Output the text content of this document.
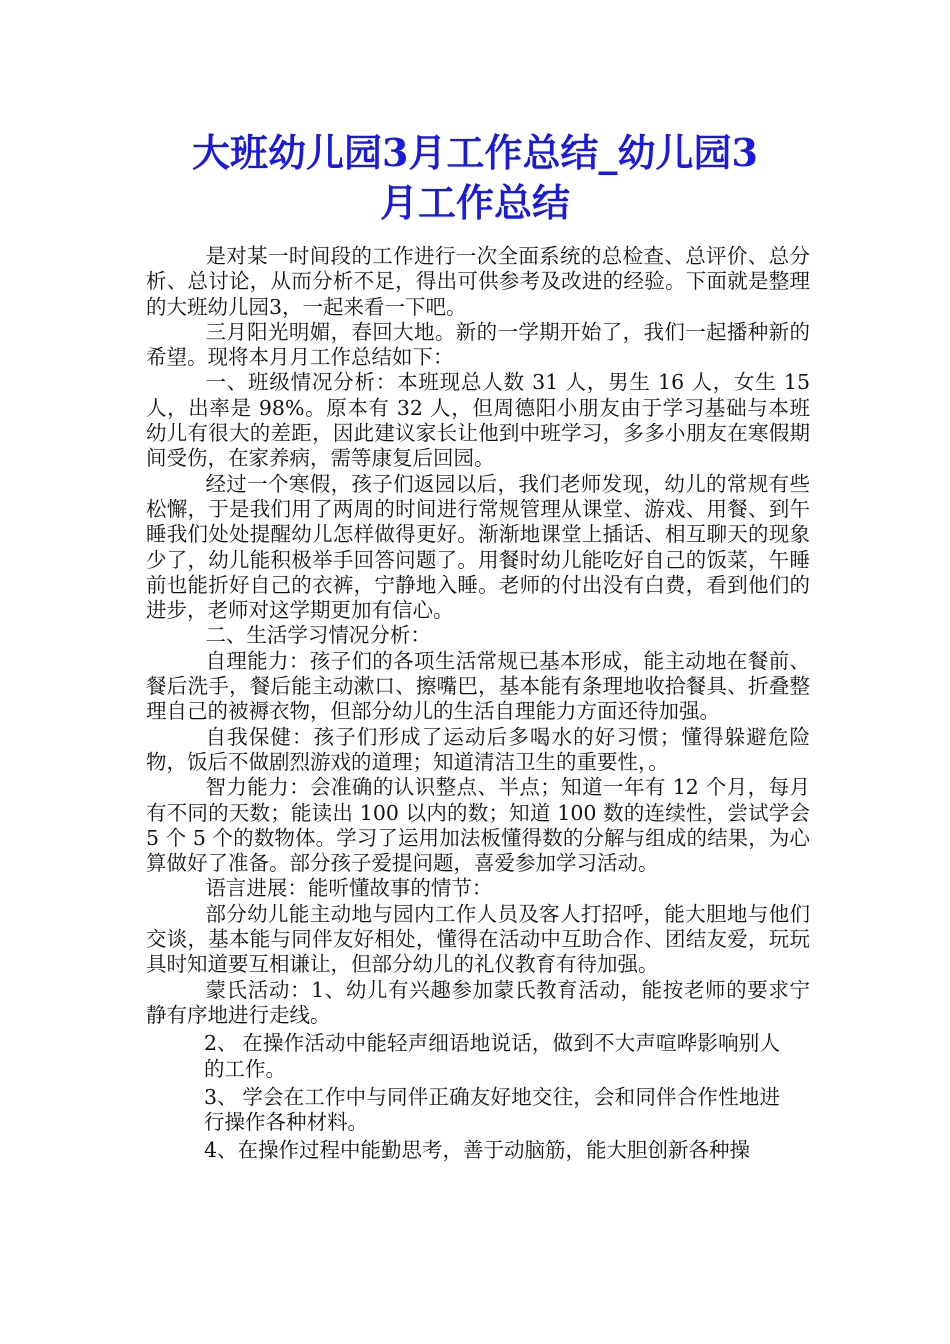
大班幼儿园3月工作总结_幼儿园3
月工作总结

是对某一时间段的工作进行一次全面系统的总检查、总评价、总分析、总讨论，从而分析不足，得出可供参考及改进的经验。下面就是整理的大班幼儿园3，一起来看一下吧。

三月阳光明媚，春回大地。新的一学期开始了，我们一起播种新的希望。现将本月月工作总结如下：

一、班级情况分析：本班现总人数 31 人，男生 16 人，女生 15 人，出率是 98%。原本有 32 人，但周德阳小朋友由于学习基础与本班幼儿有很大的差距，因此建议家长让他到中班学习，多多小朋友在寒假期间受伤，在家养病，需等康复后回园。

经过一个寒假，孩子们返园以后，我们老师发现，幼儿的常规有些松懈，于是我们用了两周的时间进行常规管理从课堂、游戏、用餐、到午睡我们处处提醒幼儿怎样做得更好。渐渐地课堂上插话、相互聊天的现象少了，幼儿能积极举手回答问题了。用餐时幼儿能吃好自己的饭菜，午睡前也能折好自己的衣裤，宁静地入睡。老师的付出没有白费，看到他们的进步，老师对这学期更加有信心。

二、生活学习情况分析：

自理能力：孩子们的各项生活常规已基本形成，能主动地在餐前、餐后洗手，餐后能主动漱口、擦嘴巴，基本能有条理地收拾餐具、折叠整理自己的被褥衣物，但部分幼儿的生活自理能力方面还待加强。

自我保健：孩子们形成了运动后多喝水的好习惯；懂得躲避危险物，饭后不做剧烈游戏的道理；知道清洁卫生的重要性，。

智力能力：会准确的认识整点、半点；知道一年有 12 个月，每月有不同的天数；能读出 100 以内的数；知道 100 数的连续性，尝试学会 5 个 5 个的数物体。学习了运用加法板懂得数的分解与组成的结果，为心算做好了准备。部分孩子爱提问题，喜爱参加学习活动。

语言进展：能听懂故事的情节：

部分幼儿能主动地与园内工作人员及客人打招呼，能大胆地与他们交谈，基本能与同伴友好相处，懂得在活动中互助合作、团结友爱，玩玩具时知道要互相谦让，但部分幼儿的礼仪教育有待加强。

蒙氏活动：1、幼儿有兴趣参加蒙氏教育活动，能按老师的要求宁静有序地进行走线。

2、 在操作活动中能轻声细语地说话，做到不大声喧哗影响别人的工作。

3、 学会在工作中与同伴正确友好地交往，会和同伴合作性地进行操作各种材料。

4、在操作过程中能勤思考，善于动脑筋，能大胆创新各种操
